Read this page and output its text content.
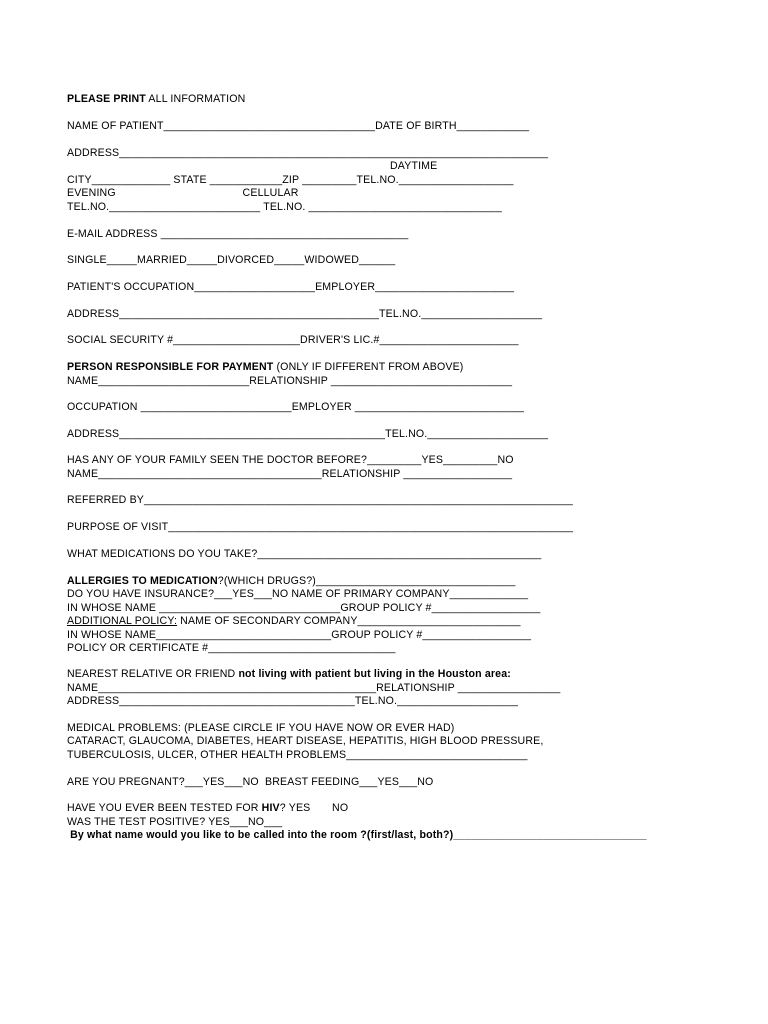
PLEASE PRINT ALL INFORMATION
NAME OF PATIENT___________________________________DATE OF BIRTH____________
ADDRESS_______________________________________________________________________
DAYTIME
CITY_____________ STATE ____________ZIP _________TEL.NO.___________________
EVENING                                         CELLULAR
TEL.NO._________________________ TEL.NO. ________________________________
E-MAIL ADDRESS _________________________________________
SINGLE_____MARRIED_____DIVORCED_____WIDOWED______
PATIENT'S OCCUPATION____________________EMPLOYER_______________________
ADDRESS___________________________________________TEL.NO.____________________
SOCIAL SECURITY #_____________________DRIVER'S LIC.#_______________________
PERSON RESPONSIBLE FOR PAYMENT (ONLY IF DIFFERENT FROM ABOVE)
NAME_________________________RELATIONSHIP ______________________________
OCCUPATION _________________________EMPLOYER ____________________________
ADDRESS____________________________________________TEL.NO.____________________
HAS ANY OF YOUR FAMILY SEEN THE DOCTOR BEFORE?_________YES_________NO
NAME_____________________________________RELATIONSHIP __________________
REFERRED BY_______________________________________________________________________
PURPOSE OF VISIT___________________________________________________________________
WHAT MEDICATIONS DO YOU TAKE?_______________________________________________
ALLERGIES TO MEDICATION?(WHICH DRUGS?)_________________________________
DO YOU HAVE INSURANCE?___YES___NO NAME OF PRIMARY COMPANY_____________
IN WHOSE NAME ______________________________GROUP POLICY #__________________
ADDITIONAL POLICY: NAME OF SECONDARY COMPANY___________________________
IN WHOSE NAME_____________________________GROUP POLICY #__________________
POLICY OR CERTIFICATE #_______________________________
NEAREST RELATIVE OR FRIEND not living with patient but living in the Houston area:
NAME______________________________________________RELATIONSHIP _________________
ADDRESS_______________________________________TEL.NO.____________________
MEDICAL PROBLEMS: (PLEASE CIRCLE IF YOU HAVE NOW OR EVER HAD)
CATARACT, GLAUCOMA, DIABETES, HEART DISEASE, HEPATITIS, HIGH BLOOD PRESSURE,
TUBERCULOSIS, ULCER, OTHER HEALTH PROBLEMS______________________________
ARE YOU PREGNANT?___YES___NO  BREAST FEEDING___YES___NO
HAVE YOU EVER BEEN TESTED FOR HIV? YES       NO
WAS THE TEST POSITIVE? YES___NO___
By what name would you like to be called into the room ?(first/last, both?)________________________________
